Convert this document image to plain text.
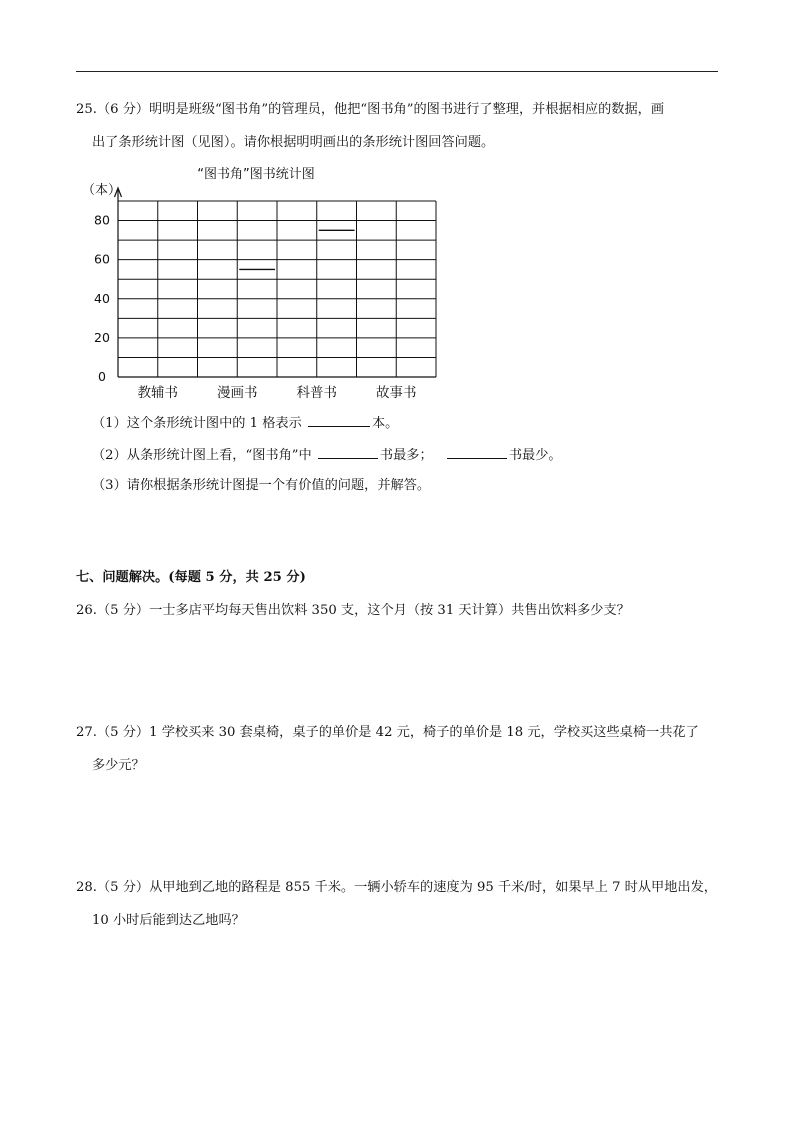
25.（6 分）明明是班级“图书角”的管理员，他把“图书角”的图书进行了整理，并根据相应的数据，画
出了条形统计图（见图）。请你根据明明画出的条形统计图回答问题。
“图书角”图书统计图
（本）
0
20
40
60
80
教辅书	漫画书	科普书	故事书
（1）这个条形统计图中的 1 格表示	本。
（2）从条形统计图上看，“图书角”中	书最多；	书最少。
（3）请你根据条形统计图提一个有价值的问题，并解答。
七、问题解决。(每题 5 分，共 25 分)
26.（5 分）一士多店平均每天售出饮料 350 支，这个月（按 31 天计算）共售出饮料多少支？
27.（5 分）1 学校买来 30 套桌椅，桌子的单价是 42 元，椅子的单价是 18 元，学校买这些桌椅一共花了
多少元？
28.（5 分）从甲地到乙地的路程是 855 千米。一辆小轿车的速度为 95 千米/时，如果早上 7 时从甲地出发，
10 小时后能到达乙地吗？
